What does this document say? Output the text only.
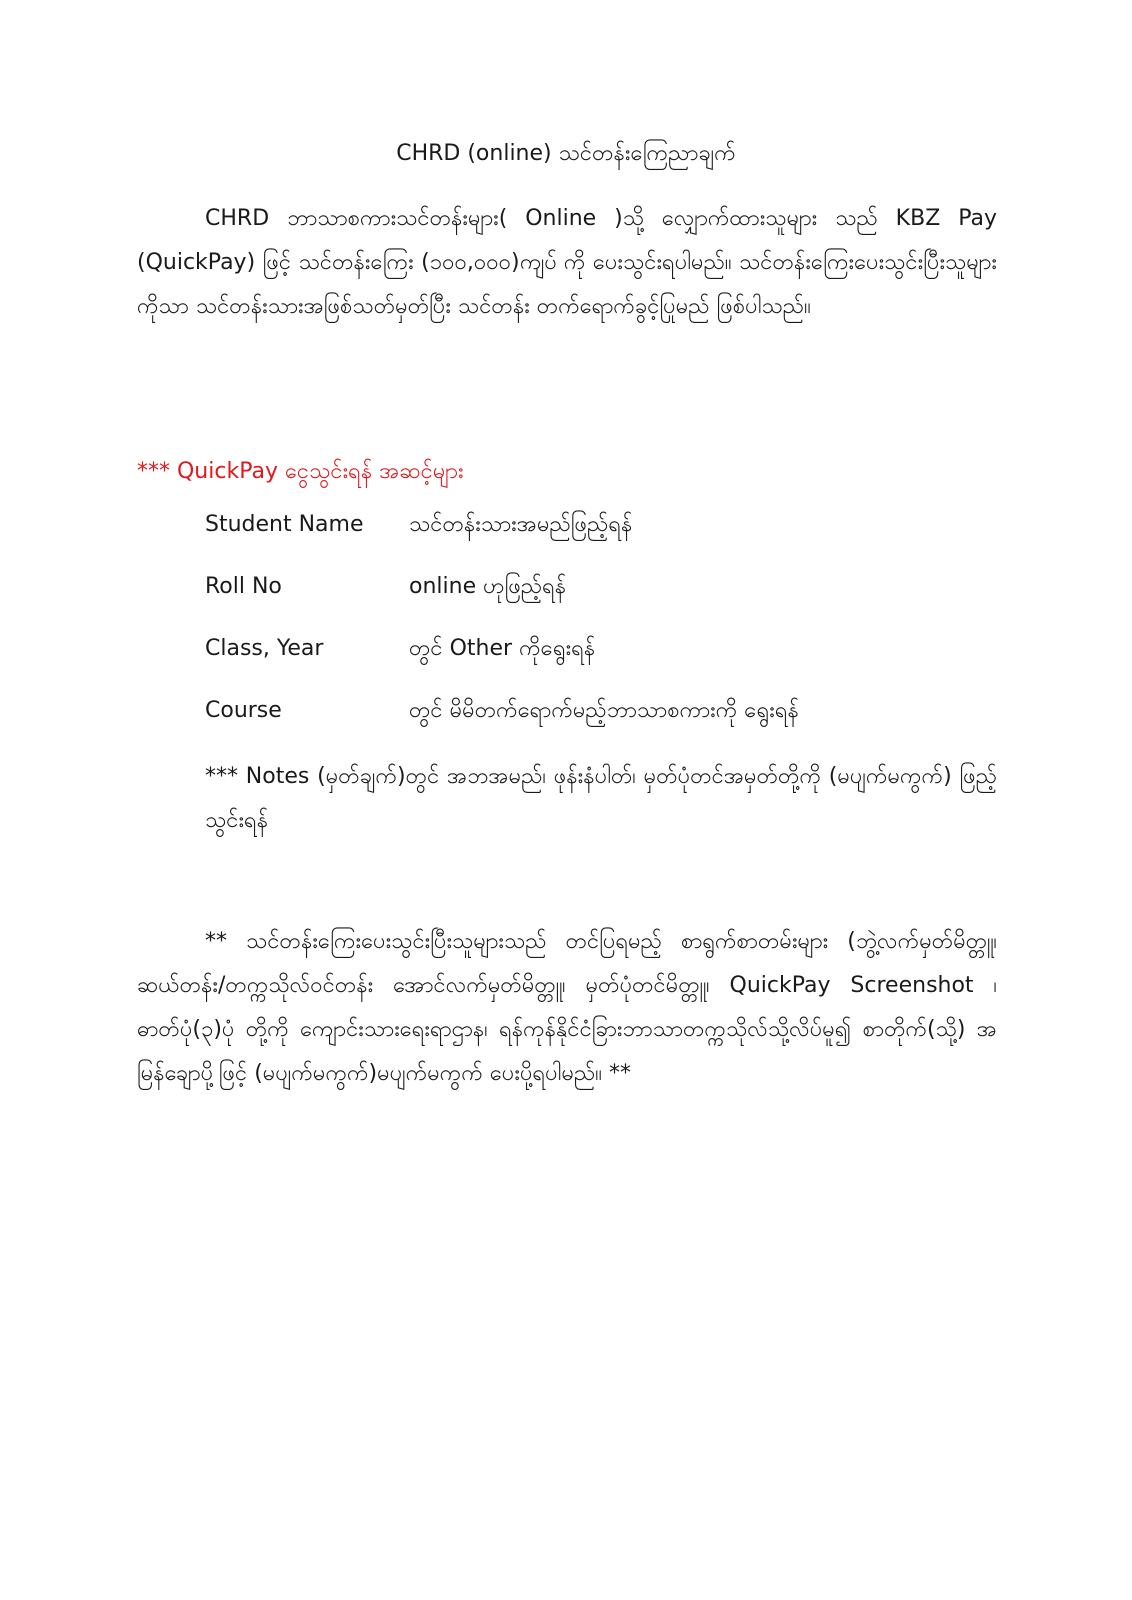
CHRD (online) သင်တန်းကြေညာချက်

CHRD ဘာသာစကားသင်တန်းများ( Online )သို့ လျှောက်ထားသူများ သည် KBZ Pay (QuickPay) ဖြင့် သင်တန်းကြေး (၁၀၀,၀၀၀)ကျပ် ကို ပေးသွင်းရပါမည်။ သင်တန်းကြေးပေးသွင်းပြီးသူများကိုသာ သင်တန်းသားအဖြစ်သတ်မှတ်ပြီး သင်တန်း တက်ရောက်ခွင့်ပြုမည် ဖြစ်ပါသည်။

*** QuickPay ငွေသွင်းရန် အဆင့်များ
Student Name	သင်တန်းသားအမည်ဖြည့်ရန်
Roll No	online ဟုဖြည့်ရန်
Class, Year	တွင် Other ကိုရွေးရန်
Course	တွင် မိမိတက်ရောက်မည့်ဘာသာစကားကို ရွေးရန်

*** Notes (မှတ်ချက်)တွင် အဘအမည်၊ ဖုန်းနံပါတ်၊ မှတ်ပုံတင်အမှတ်တို့ကို (မပျက်မကွက်) ဖြည့်သွင်းရန်

** သင်တန်းကြေးပေးသွင်းပြီးသူများသည် တင်ပြရမည့် စာရွက်စာတမ်းများ (ဘွဲ့လက်မှတ်မိတ္တူ၊ ဆယ်တန်း/တက္ကသိုလ်ဝင်တန်း အောင်လက်မှတ်မိတ္တူ၊ မှတ်ပုံတင်မိတ္တူ၊ QuickPay Screenshot ၊ ဓာတ်ပုံ(၃)ပုံ တို့ကို ကျောင်းသားရေးရာဌာန၊ ရန်ကုန်နိုင်ငံခြားဘာသာတက္ကသိုလ်သို့လိပ်မူ၍ စာတိုက်(သို့) အမြန်ချောပို့ဖြင့် (မပျက်မကွက်)မပျက်မကွက် ပေးပို့ရပါမည်။ **
